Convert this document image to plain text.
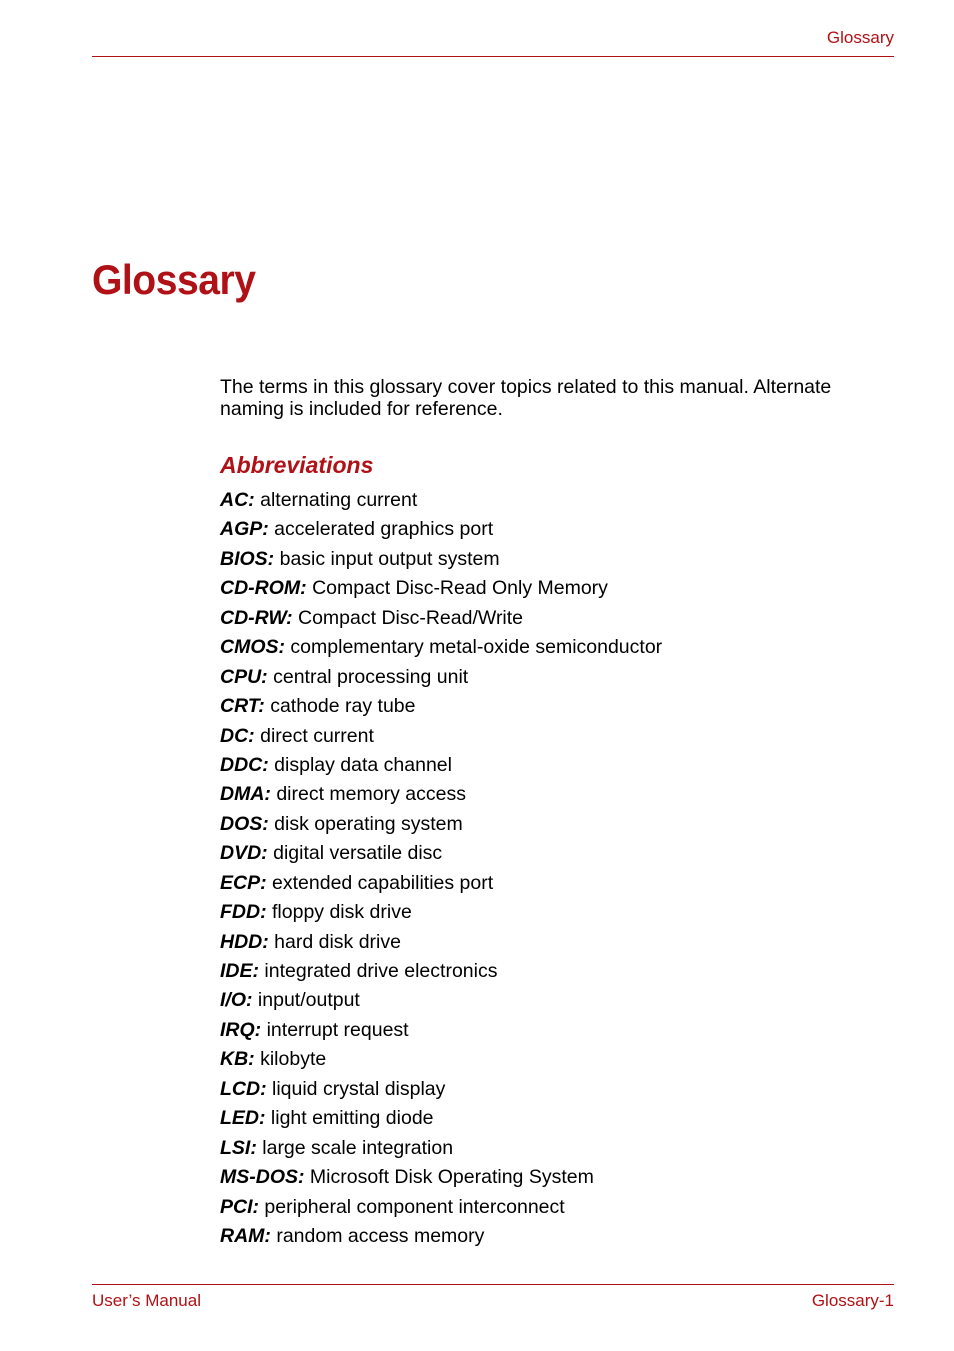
Glossary
Glossary

The terms in this glossary cover topics related to this manual. Alternate naming is included for reference.

Abbreviations
AC: alternating current
AGP: accelerated graphics port
BIOS: basic input output system
CD-ROM: Compact Disc-Read Only Memory
CD-RW: Compact Disc-Read/Write
CMOS: complementary metal-oxide semiconductor
CPU: central processing unit
CRT: cathode ray tube
DC: direct current
DDC: display data channel
DMA: direct memory access
DOS: disk operating system
DVD: digital versatile disc
ECP: extended capabilities port
FDD: floppy disk drive
HDD: hard disk drive
IDE: integrated drive electronics
I/O: input/output
IRQ: interrupt request
KB: kilobyte
LCD: liquid crystal display
LED: light emitting diode
LSI: large scale integration
MS-DOS: Microsoft Disk Operating System
PCI: peripheral component interconnect
RAM: random access memory
User’s Manual	Glossary-1
